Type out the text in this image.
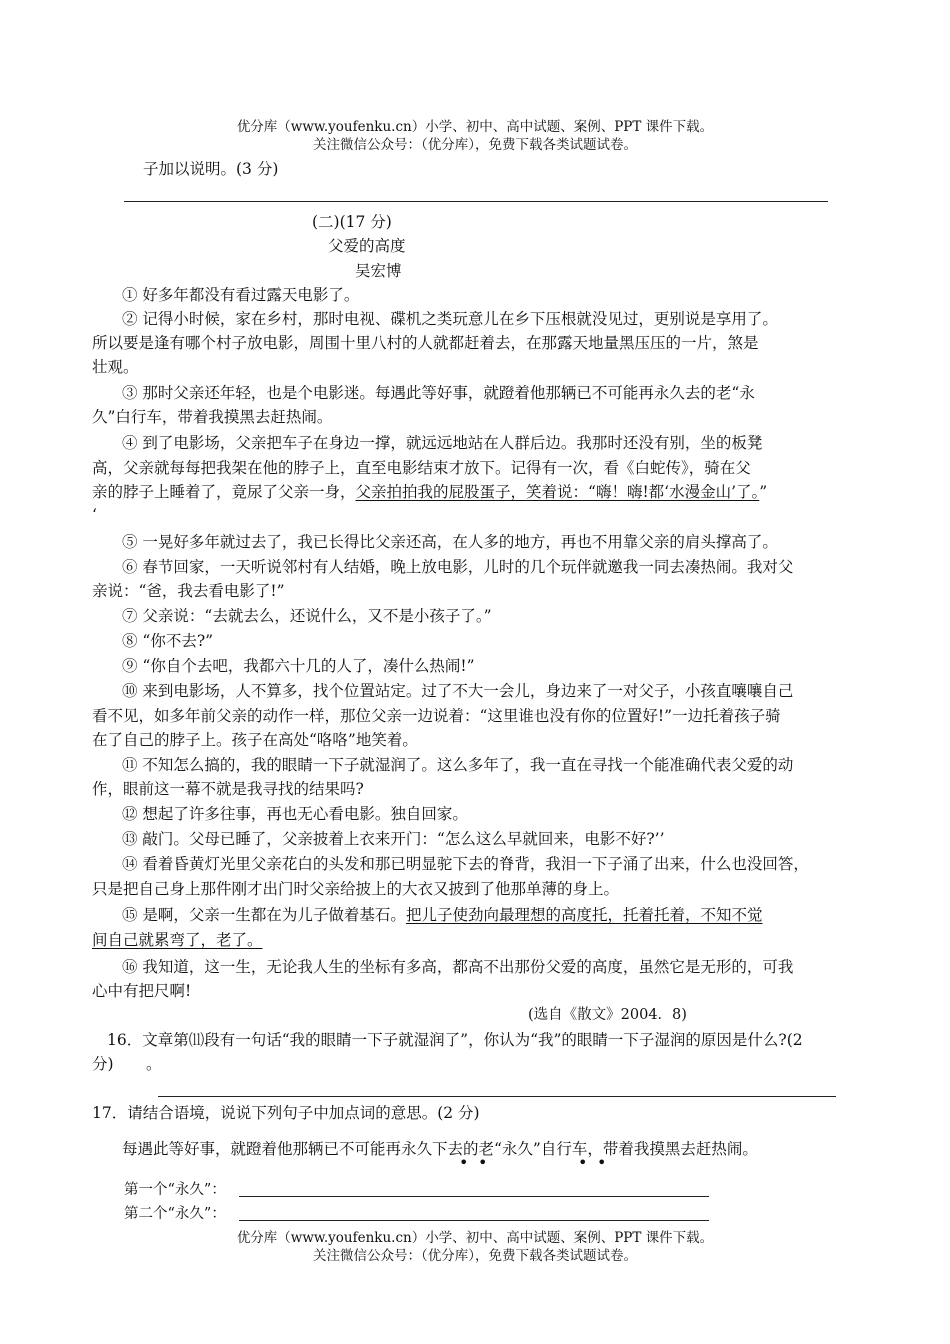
优分库（www.youfenku.cn）小学、初中、高中试题、案例、PPT 课件下载。
关注微信公众号：（优分库），免费下载各类试题试卷。
子加以说明。(3 分)
(二)(17 分)
父爱的高度
吴宏博
① 好多年都没有看过露天电影了。
② 记得小时候，家在乡村，那时电视、碟机之类玩意儿在乡下压根就没见过，更别说是享用了。
所以要是逢有哪个村子放电影，周围十里八村的人就都赶着去，在那露天地量黑压压的一片，煞是
壮观。
③ 那时父亲还年轻，也是个电影迷。每遇此等好事，就蹬着他那辆已不可能再永久去的老“永
久”白行车，带着我摸黑去赶热闹。
④ 到了电影场，父亲把车子在身边一撑，就远远地站在人群后边。我那时还没有别，坐的板凳
高，父亲就每每把我架在他的脖子上，直至电影结束才放下。记得有一次，看《白蛇传》，骑在父
亲的脖子上睡着了，竟尿了父亲一身，父亲拍拍我的屁股蛋子，笑着说：“嗨！嗨!都‘水漫金山’了。”
‘
⑤ 一晃好多年就过去了，我已长得比父亲还高，在人多的地方，再也不用靠父亲的肩头撑高了。
⑥ 春节回家，一天听说邻村有人结婚，晚上放电影，儿时的几个玩伴就邀我一同去凑热闹。我对父
亲说：“爸，我去看电影了!”
⑦ 父亲说：“去就去么，还说什么，又不是小孩子了。”
⑧ “你不去?”
⑨ “你自个去吧，我都六十几的人了，凑什么热闹!”
⑩ 来到电影场，人不算多，找个位置站定。过了不大一会儿，身边来了一对父子，小孩直嚷嚷自己
看不见，如多年前父亲的动作一样，那位父亲一边说着：“这里谁也没有你的位置好!”一边托着孩子骑
在了自己的脖子上。孩子在高处“咯咯”地笑着。
⑪ 不知怎么搞的，我的眼睛一下子就湿润了。这么多年了，我一直在寻找一个能准确代表父爱的动
作，眼前这一幕不就是我寻找的结果吗?
⑫ 想起了许多往事，再也无心看电影。独自回家。
⑬ 敲门。父母已睡了，父亲披着上衣来开门：“怎么这么早就回来，电影不好?’’
⑭ 看着昏黄灯光里父亲花白的头发和那已明显驼下去的脊背，我泪一下子涌了出来，什么也没回答，
只是把自己身上那件刚才出门时父亲给披上的大衣又披到了他那单薄的身上。
⑮ 是啊，父亲一生都在为儿子做着基石。把儿子使劲向最理想的高度托，托着托着，不知不觉
间自己就累弯了，老了。
⑯ 我知道，这一生，无论我人生的坐标有多高，都高不出那份父爱的高度，虽然它是无形的，可我
心中有把尺啊!
(选自《散文》2004．8)
16．文章第⑾段有一句话“我的眼睛一下子就湿润了”，你认为“我”的眼睛一下子湿润的原因是什么?(2
分) 。
17．请结合语境，说说下列句子中加点词的意思。(2 分)
每遇此等好事，就蹬着他那辆已不可能再永久下去的老“永久”自行车，带着我摸黑去赶热闹。
• •	• •
第一个“永久”：
第二个“永久”：
优分库（www.youfenku.cn）小学、初中、高中试题、案例、PPT 课件下载。
关注微信公众号：（优分库），免费下载各类试题试卷。
